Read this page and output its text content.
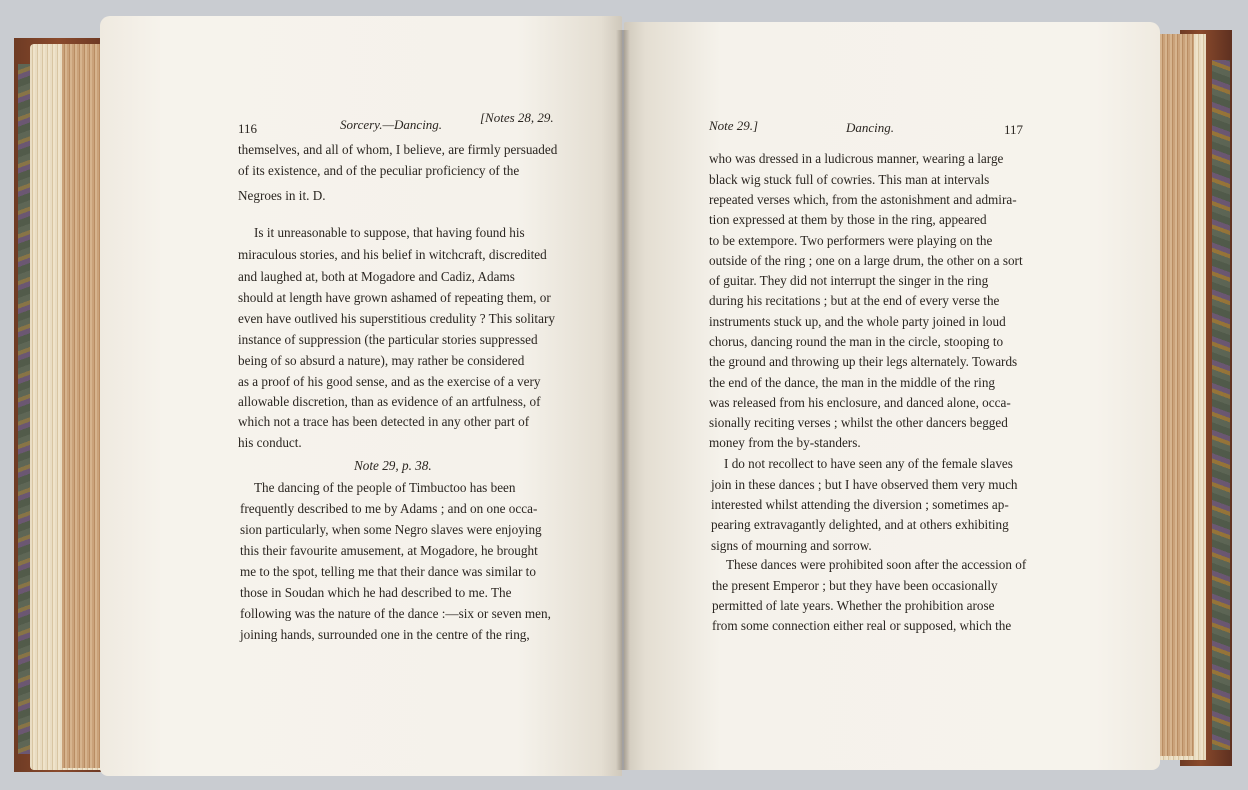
116	Sorcery.—Dancing.	[Notes 28, 29.
Note 29.]	Dancing.	117
themselves, and all of whom, I believe, are firmly persuaded
of its existence, and of the peculiar proficiency of the
Negroes in it. D.
Is it unreasonable to suppose, that having found his
miraculous stories, and his belief in witchcraft, discredited
and laughed at, both at Mogadore and Cadiz, Adams
should at length have grown ashamed of repeating them, or
even have outlived his superstitious credulity ? This solitary
instance of suppression (the particular stories suppressed
being of so absurd a nature), may rather be considered
as a proof of his good sense, and as the exercise of a very
allowable discretion, than as evidence of an artfulness, of
which not a trace has been detected in any other part of
his conduct.
Note 29, p. 38.
The dancing of the people of Timbuctoo has been
frequently described to me by Adams ; and on one occa-
sion particularly, when some Negro slaves were enjoying
this their favourite amusement, at Mogadore, he brought
me to the spot, telling me that their dance was similar to
those in Soudan which he had described to me. The
following was the nature of the dance :—six or seven men,
joining hands, surrounded one in the centre of the ring,
who was dressed in a ludicrous manner, wearing a large
black wig stuck full of cowries. This man at intervals
repeated verses which, from the astonishment and admira-
tion expressed at them by those in the ring, appeared
to be extempore. Two performers were playing on the
outside of the ring ; one on a large drum, the other on a sort
of guitar. They did not interrupt the singer in the ring
during his recitations ; but at the end of every verse the
instruments stuck up, and the whole party joined in loud
chorus, dancing round the man in the circle, stooping to
the ground and throwing up their legs alternately. Towards
the end of the dance, the man in the middle of the ring
was released from his enclosure, and danced alone, occa-
sionally reciting verses ; whilst the other dancers begged
money from the by-standers.
I do not recollect to have seen any of the female slaves
join in these dances ; but I have observed them very much
interested whilst attending the diversion ; sometimes ap-
pearing extravagantly delighted, and at others exhibiting
signs of mourning and sorrow.
These dances were prohibited soon after the accession of
the present Emperor ; but they have been occasionally
permitted of late years. Whether the prohibition arose
from some connection either real or supposed, which the
